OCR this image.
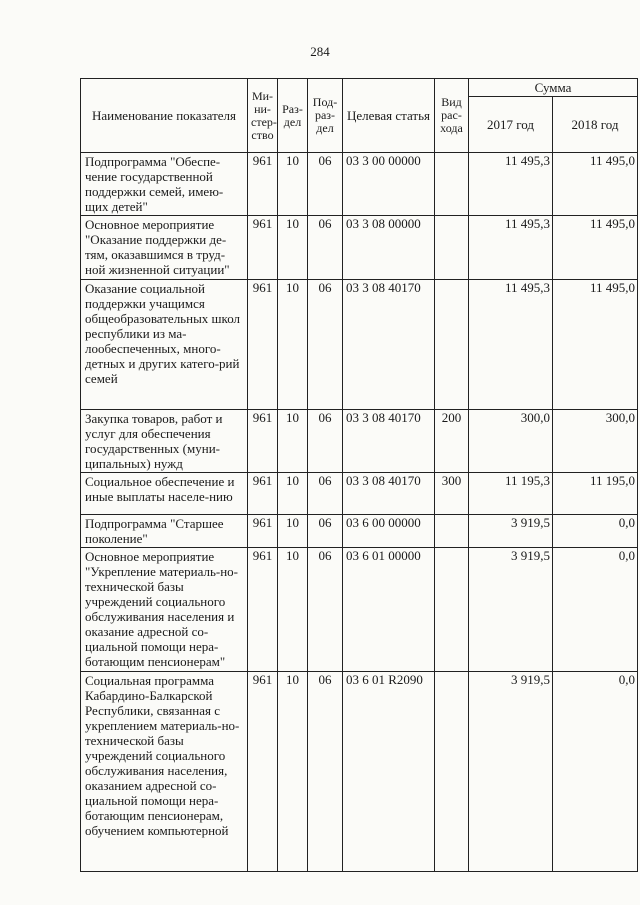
284
Наименование показателя	Ми-ни-стер-ство	Раз-дел	Под-раз-дел	Целевая статья	Вид рас-хода	Сумма	
						2017 год	2018 год
Подпрограмма "Обеспе-чение государственной поддержки семей, имею-щих детей"	961	10	06	03 3 00 00000		11 495,3	11 495,0
Основное мероприятие "Оказание поддержки де-тям, оказавшимся в труд-ной жизненной ситуации"	961	10	06	03 3 08 00000		11 495,3	11 495,0
Оказание социальной поддержки учащимся общеобразовательных школ республики из ма-лообеспеченных, много-детных и других катего-рий семей	961	10	06	03 3 08 40170		11 495,3	11 495,0
Закупка товаров, работ и услуг для обеспечения государственных (муни-ципальных) нужд	961	10	06	03 3 08 40170	200	300,0	300,0
Социальное обеспечение и иные выплаты населе-нию	961	10	06	03 3 08 40170	300	11 195,3	11 195,0
Подпрограмма "Старшее поколение"	961	10	06	03 6 00 00000		3 919,5	0,0
Основное мероприятие "Укрепление материаль-но-технической базы учреждений социального обслуживания населения и оказание адресной со-циальной помощи нера-ботающим пенсионерам"	961	10	06	03 6 01 00000		3 919,5	0,0
Социальная программа Кабардино-Балкарской Республики, связанная с укреплением материаль-но-технической базы учреждений социального обслуживания населения, оказанием адресной со-циальной помощи нера-ботающим пенсионерам, обучением компьютерной	961	10	06	03 6 01 R2090		3 919,5	0,0
